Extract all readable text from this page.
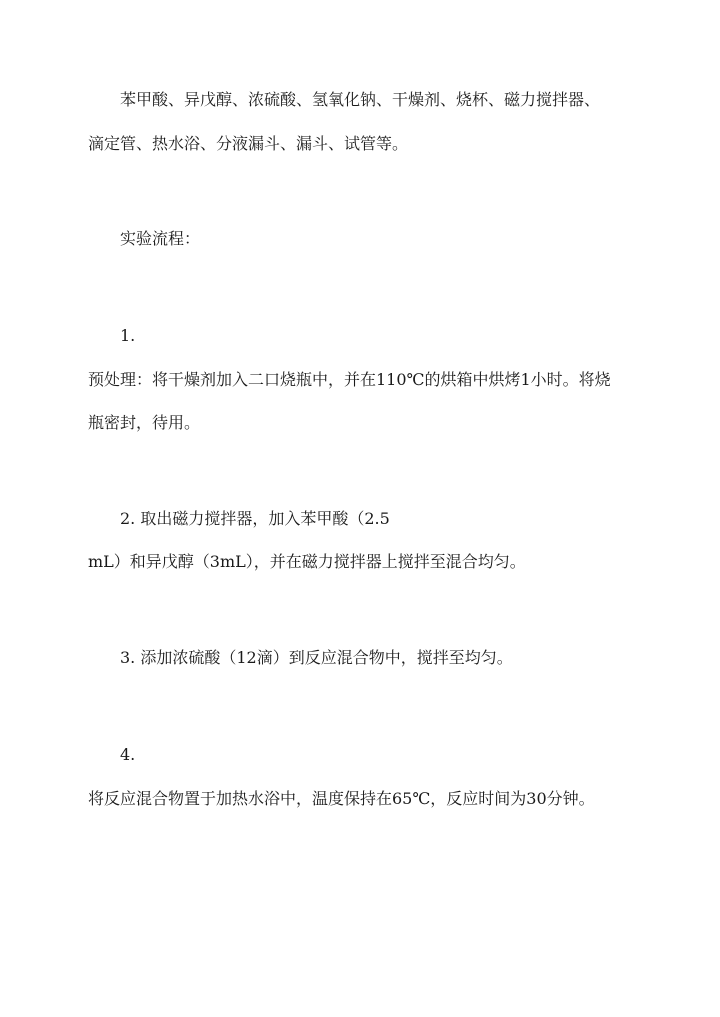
苯甲酸、异戊醇、浓硫酸、氢氧化钠、干燥剂、烧杯、磁力搅拌器、

滴定管、热水浴、分液漏斗、漏斗、试管等。

实验流程：

1.

预处理：将干燥剂加入二口烧瓶中，并在110℃的烘箱中烘烤1小时。将烧

瓶密封，待用。

2. 取出磁力搅拌器，加入苯甲酸（2.5

mL）和异戊醇（3mL），并在磁力搅拌器上搅拌至混合均匀。

3. 添加浓硫酸（12滴）到反应混合物中，搅拌至均匀。

4.

将反应混合物置于加热水浴中，温度保持在65℃，反应时间为30分钟。
